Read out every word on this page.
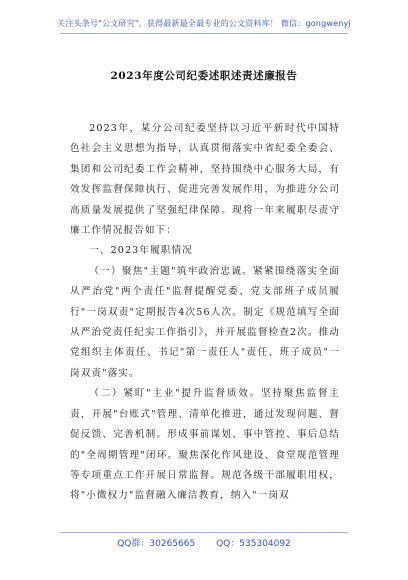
关注头条号"公文研究"，获得最新最全最专业的公文资料库！ 微信：gongwenyj
2023年度公司纪委述职述责述廉报告

2023年，某分公司纪委坚持以习近平新时代中国特色社会主义思想为指导，认真贯彻落实中省纪委全委会、集团和公司纪委工作会精神，坚持围绕中心服务大局，有效发挥监督保障执行、促进完善发展作用，为推进分公司高质量发展提供了坚强纪律保障。现将一年来履职尽责守廉工作情况报告如下：

一、2023年履职情况

（一）聚焦"主题"筑牢政治忠诚。紧紧围绕落实全面从严治党"两个责任"监督提醒党委、党支部班子成员履行"一岗双责"定期报告4次56人次。制定《规范填写全面从严治党责任纪实工作指引》，并开展监督检查2次。推动党组织主体责任、书记"第一责任人"责任、班子成员"一岗双责"落实。

（二）紧盯"主业"提升监督质效。坚持聚焦监督主责，开展"台账式"管理、清单化推进，通过发现问题、督促反馈、完善机制。形成事前谋划、事中管控、事后总结的"全周期管理"闭环。聚焦深化作风建设、食堂规范管理等专项重点工作开展日常监督。规范各级干部履职用权，将"小微权力"监督融入廉洁教育，纳入"一岗双

QQ群：30265665 QQ：535304092
